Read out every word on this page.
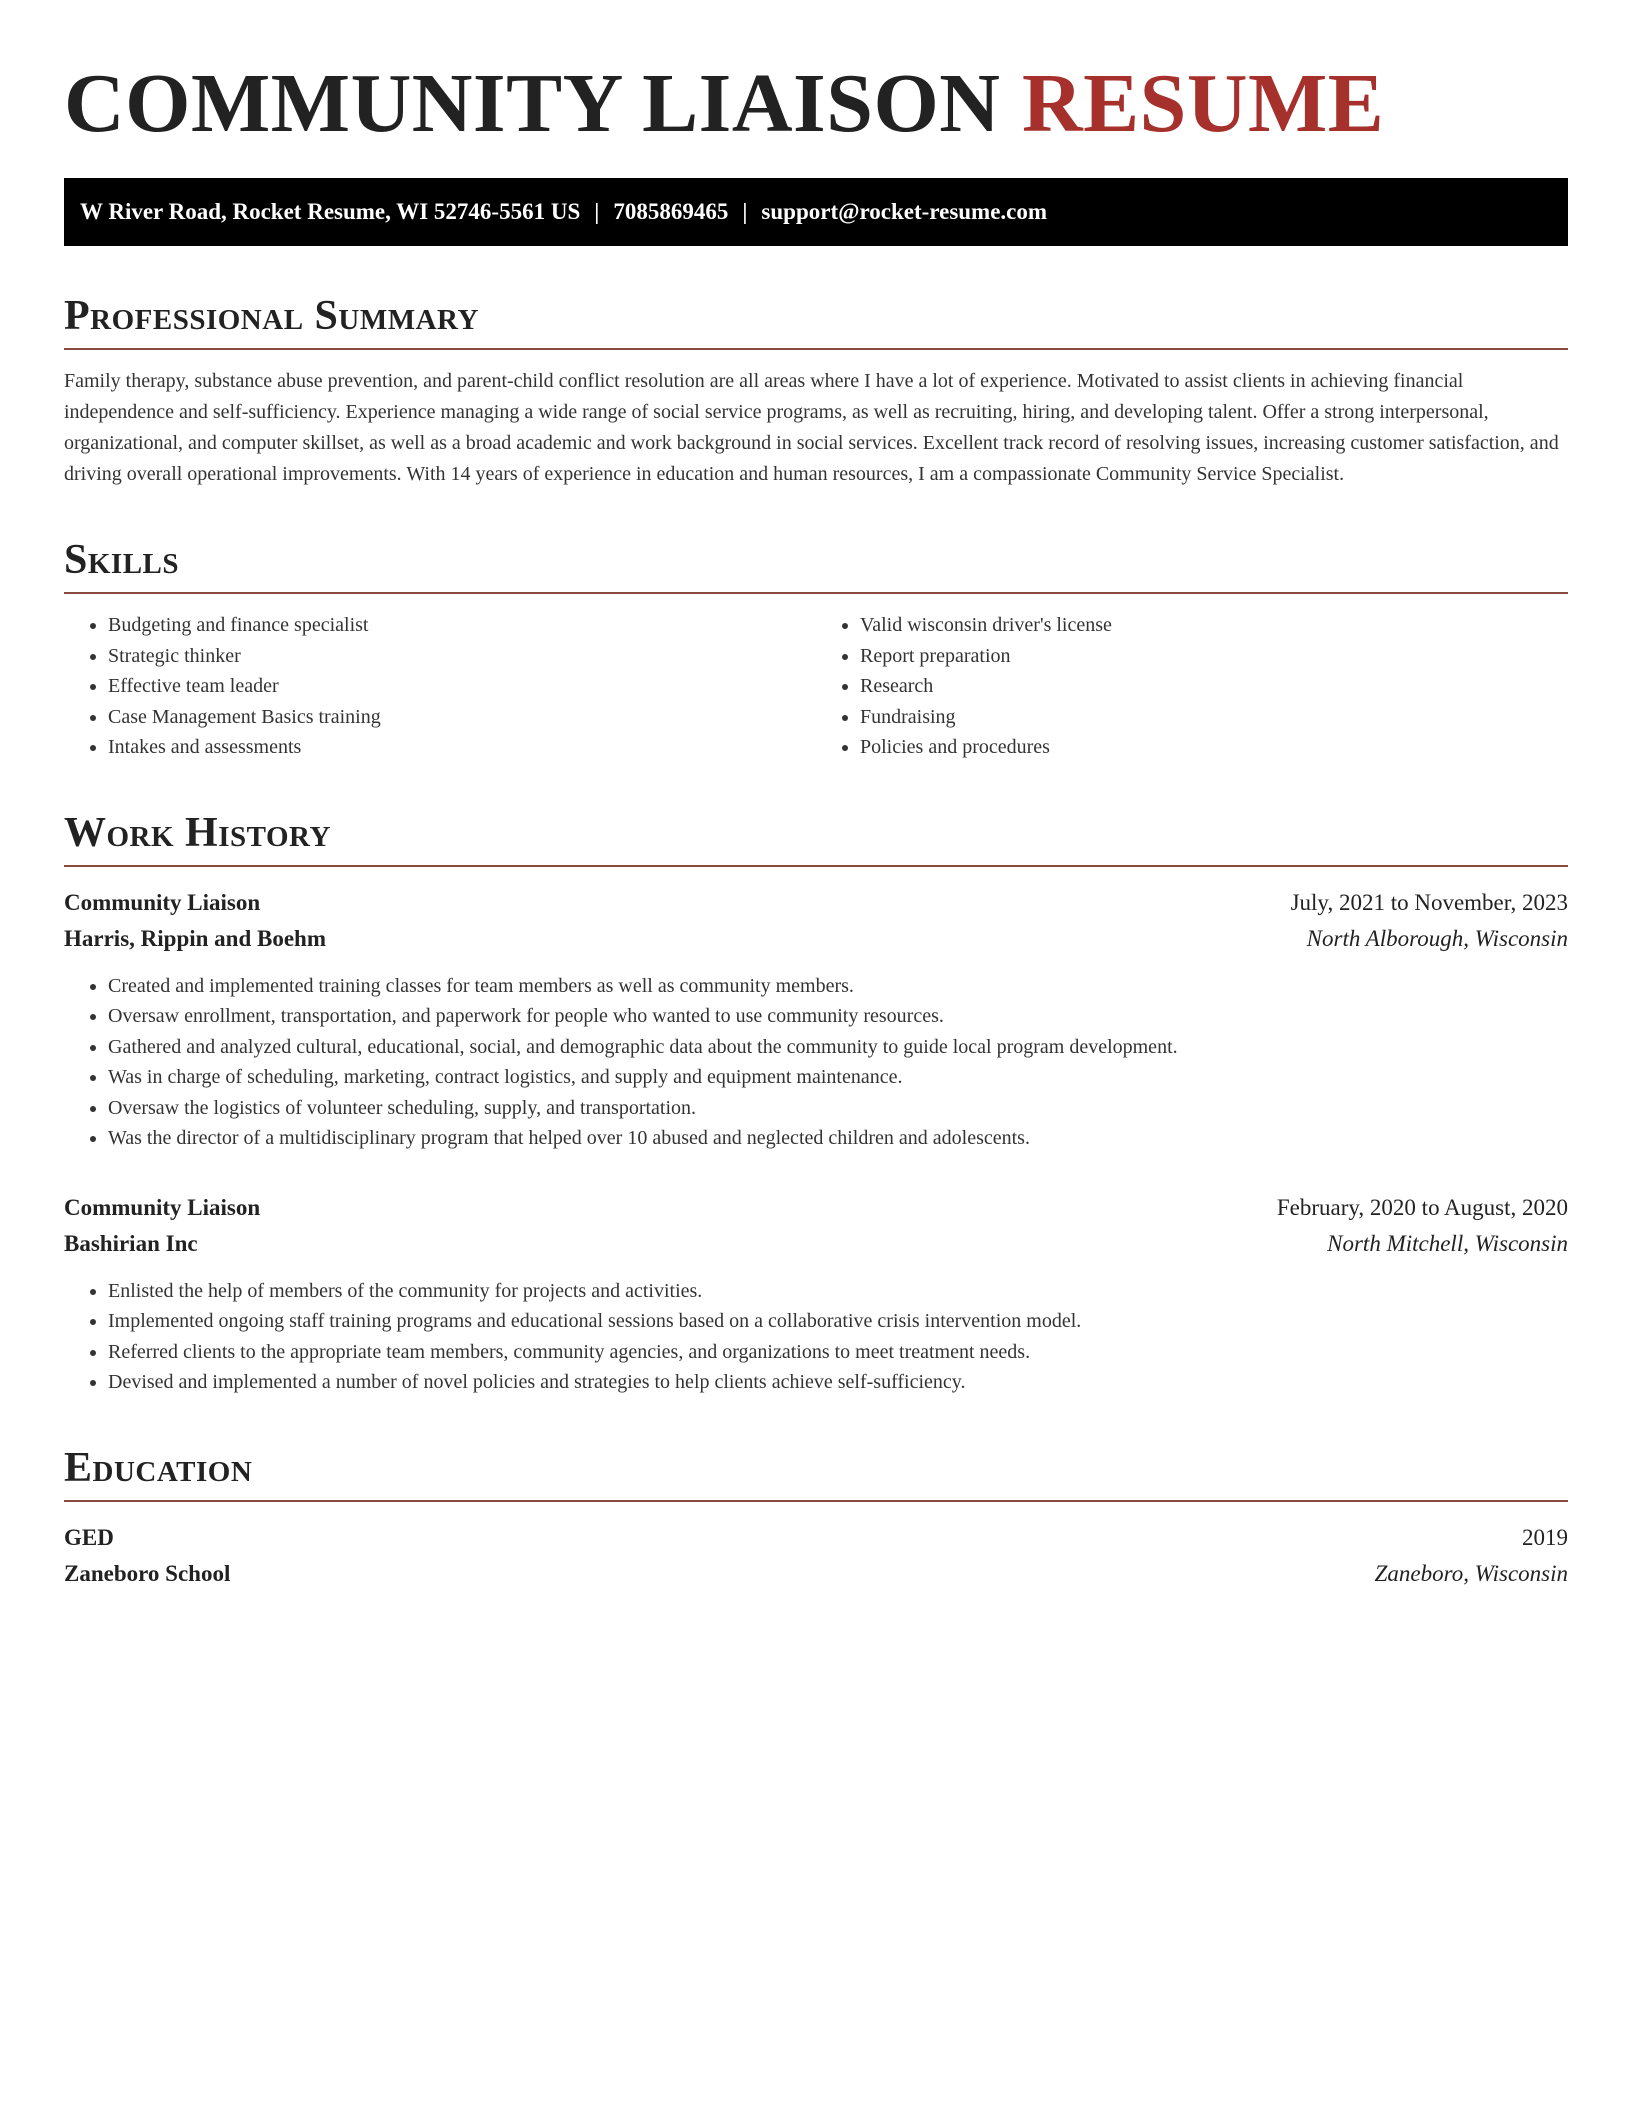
COMMUNITY LIAISON RESUME
W River Road, Rocket Resume, WI 52746-5561 US | 7085869465 | support@rocket-resume.com
Professional Summary

Family therapy, substance abuse prevention, and parent-child conflict resolution are all areas where I have a lot of experience. Motivated to assist clients in achieving financial independence and self-sufficiency. Experience managing a wide range of social service programs, as well as recruiting, hiring, and developing talent. Offer a strong interpersonal, organizational, and computer skillset, as well as a broad academic and work background in social services. Excellent track record of resolving issues, increasing customer satisfaction, and driving overall operational improvements. With 14 years of experience in education and human resources, I am a compassionate Community Service Specialist.

Skills
• Budgeting and finance specialist
• Strategic thinker
• Effective team leader
• Case Management Basics training
• Intakes and assessments
• Valid wisconsin driver's license
• Report preparation
• Research
• Fundraising
• Policies and procedures
Work History
Community Liaison	July, 2021 to November, 2023
Harris, Rippin and Boehm	North Alborough, Wisconsin
• Created and implemented training classes for team members as well as community members.
• Oversaw enrollment, transportation, and paperwork for people who wanted to use community resources.
• Gathered and analyzed cultural, educational, social, and demographic data about the community to guide local program development.
• Was in charge of scheduling, marketing, contract logistics, and supply and equipment maintenance.
• Oversaw the logistics of volunteer scheduling, supply, and transportation.
• Was the director of a multidisciplinary program that helped over 10 abused and neglected children and adolescents.
Community Liaison	February, 2020 to August, 2020
Bashirian Inc	North Mitchell, Wisconsin
• Enlisted the help of members of the community for projects and activities.
• Implemented ongoing staff training programs and educational sessions based on a collaborative crisis intervention model.
• Referred clients to the appropriate team members, community agencies, and organizations to meet treatment needs.
• Devised and implemented a number of novel policies and strategies to help clients achieve self-sufficiency.
Education
GED	2019
Zaneboro School	Zaneboro, Wisconsin
